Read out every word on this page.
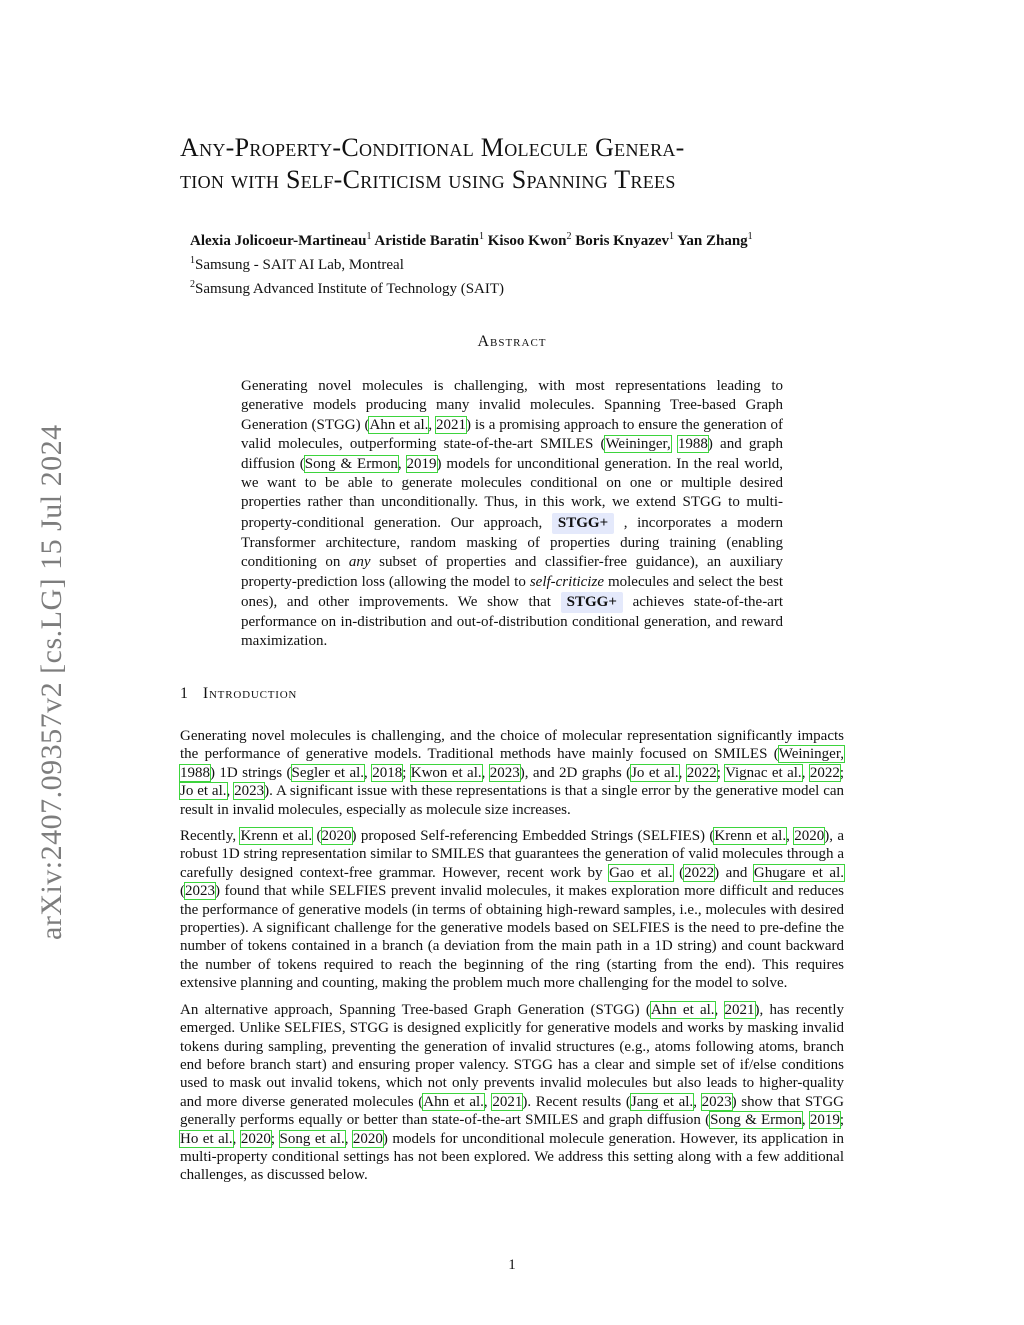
arXiv:2407.09357v2 [cs.LG] 15 Jul 2024
Any-Property-Conditional Molecule Genera-
tion with Self-Criticism using Spanning Trees
Alexia Jolicoeur-Martineau$^1$ Aristide Baratin$^1$ Kisoo Kwon$^2$ Boris Knyazev$^1$ Yan Zhang$^1$
$^1$Samsung - SAIT AI Lab, Montreal
$^2$Samsung Advanced Institute of Technology (SAIT)
Abstract
Generating novel molecules is challenging, with most representations leading to generative models producing many invalid molecules. Spanning Tree-based Graph Generation (STGG) (Ahn et al., 2021) is a promising approach to ensure the generation of valid molecules, outperforming state-of-the-art SMILES (Weininger, 1988) and graph diffusion (Song & Ermon, 2019) models for unconditional generation. In the real world, we want to be able to generate molecules conditional on one or multiple desired properties rather than unconditionally. Thus, in this work, we extend STGG to multi-property-conditional generation. Our approach, STGG+ , incorporates a modern Transformer architecture, random masking of properties during training (enabling conditioning on any subset of properties and classifier-free guidance), an auxiliary property-prediction loss (allowing the model to self-criticize molecules and select the best ones), and other improvements. We show that STGG+ achieves state-of-the-art performance on in-distribution and out-of-distribution conditional generation, and reward maximization.
1 Introduction

Generating novel molecules is challenging, and the choice of molecular representation significantly impacts the performance of generative models. Traditional methods have mainly focused on SMILES (Weininger, 1988) 1D strings (Segler et al., 2018; Kwon et al., 2023), and 2D graphs (Jo et al., 2022; Vignac et al., 2022; Jo et al., 2023). A significant issue with these representations is that a single error by the generative model can result in invalid molecules, especially as molecule size increases.

Recently, Krenn et al. (2020) proposed Self-referencing Embedded Strings (SELFIES) (Krenn et al., 2020), a robust 1D string representation similar to SMILES that guarantees the generation of valid molecules through a carefully designed context-free grammar. However, recent work by Gao et al. (2022) and Ghugare et al. (2023) found that while SELFIES prevent invalid molecules, it makes exploration more difficult and reduces the performance of generative models (in terms of obtaining high-reward samples, i.e., molecules with desired properties). A significant challenge for the generative models based on SELFIES is the need to pre-define the number of tokens contained in a branch (a deviation from the main path in a 1D string) and count backward the number of tokens required to reach the beginning of the ring (starting from the end). This requires extensive planning and counting, making the problem much more challenging for the model to solve.

An alternative approach, Spanning Tree-based Graph Generation (STGG) (Ahn et al., 2021), has recently emerged. Unlike SELFIES, STGG is designed explicitly for generative models and works by masking invalid tokens during sampling, preventing the generation of invalid structures (e.g., atoms following atoms, branch end before branch start) and ensuring proper valency. STGG has a clear and simple set of if/else conditions used to mask out invalid tokens, which not only prevents invalid molecules but also leads to higher-quality and more diverse generated molecules (Ahn et al., 2021). Recent results (Jang et al., 2023) show that STGG generally performs equally or better than state-of-the-art SMILES and graph diffusion (Song & Ermon, 2019; Ho et al., 2020; Song et al., 2020) models for unconditional molecule generation. However, its application in multi-property conditional settings has not been explored. We address this setting along with a few additional challenges, as discussed below.

1
